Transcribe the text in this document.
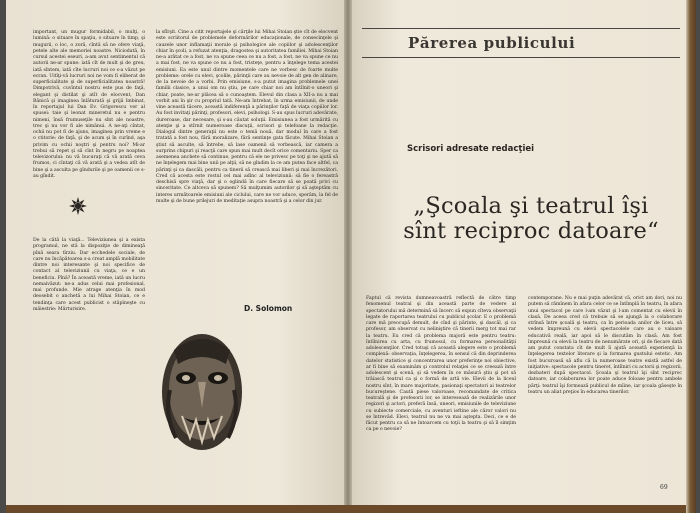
important, un mugur formidabil, o mulţi, o lumină: o situare în spaţiu, o situare în timp, şi mugurii, o loc, o zoră, cîntă să ne ofere viaţă, petele alte ale memoriei noastre. Niciodată, în cursul acestei eseuri, a-am avut sentimentul că autorii ne-ar spune: iată cît de mult şi de greu, iată sîntem, iată cîte lucruri noi ce s-a văzut pe ecran. Uitîţi-vă lucruri noi ne vom fi eliberat de superficialitate şi de superficialitatea noastră! Dimpotrivă, cuvîntul nostru este pus de faţă, elegant şi distilat şi atît de elocvent, Dan Bănică şi imaginea înlăturată şi grijă îmbinat, în reportajul lui Dan Ev. Grigorescu ver al spusei: taie şi leonat mineretul nu e pentru nimeni, însă frumuseţile nu sînt ale noastre, trec şi nu vor fi ale nimănui. A ne-aţi cîntat, ochii nu pot fi de ajuns, imaginea prin vreme e o ctitorie: de faţă, şi de acum şi în curînd, aşa privim cu ochii noştri şi pentru noi? Mi-ar trebui să repet şi să cînt în negru pe noaptea televizorului: nu vă bucuraţi că vă arată ceva frumos, ci cîntaţi că vă arată şi a vedea atît de bine şi a asculta pe gîndurile şi pe oamenii ce s-au gîndit.
De la cătă la viaţă... Televiziunea şi a exista programul, ne stă la dispoziţie de dimineaţă pînă seara tîrziu. Dar ecchedele sociale, de care nu încăpătoarea s-a creat amplă mobilitate dintre noi interesante şi noi specifice de contact al televiziunii cu viaţa, ce e un beneficiu. Pînă? În această vreme, iată un lucru nemaivăzut: ne-a adus celui mai profesional, mai profunde. Mie atrage atenţia în mod deosebit o anchetă a lui Mihai Stoian, ce e tendinţa care acest publicist o stăpîneşte cu măiestrie: Mărturisire.
la sfîrşit. Cine a citit reportajele şi cărţile lui Mihai Stoian ştie cît de elocvent este scriitorul de problemele deformărilor educaţionale, de consecinţele şi cauzele unor inflamaţii morale şi psihologice ale copiilor şi adolescenţilor chiar în şcoli, a refuzat atenţia, dragostea şi autoritatea familiei. Mihai Stoian ne-a arătat ce a fost, ne va spune ceea ce nu a fost, a fost, ne va spune ce nu a mai fost, ne va spune ce nu a fost, tristeţe, pentru a înţelege tema acestei emisiuni. Ea este unul dintre momentele care ne vorbesc de foarte multe probleme: orele cu elevi, şcolile, părinţii care au nevoie de alt gen de alinare, de la nevoie de a vorbi. Prin emisiune, s-a putut imagina problemele unei familii clasice, a unui om nu ştiu, pe care chiar noi am întîlnit-o uneori şi chiar, poate, ne-ar plăcea să o cunoaştem. Elevul din clasa a XII-a nu a mai vorbit ani în şir cu propriul tată. Ne-am întrebat, în urma emisiunii, de unde vine această tăcere, această indiferenţă a părinţilor faţă de viaţa copiilor lor. Au fost invitaţi părinţi, profesori, elevi, psihologi. S-au spus lucruri adevărate, dureroase, dar necesare, şi s-au căutat soluţii. Emisiunea a fost urmărită cu atenţie şi a stîrnit numeroase discuţii, scrisori şi telefoane la redacţie. Dialogul dintre generaţii nu este o temă nouă, dar modul în care a fost tratată a fost nou, fără moralizare, fără sentinţe gata făcute. Mihai Stoian a ştiut să asculte, să întrebe, să lase oamenii să vorbească, iar camera a surprins chipuri şi reacţii care spun mai mult decît orice comentariu. Sper ca asemenea anchete să continue, pentru că ele ne privesc pe toţi şi ne ajută să ne înţelegem mai bine unii pe alţii, să ne gîndim la ce am putea face altfel, ca părinţi şi ca dascăli, pentru ca tinerii să crească mai liberi şi mai încrezători. Cred că acesta este rostul cel mai adînc al televiziunii: să fie o fereastră deschisă spre viaţă, dar şi o oglindă în care fiecare să se poată privi cu sinceritate. Ce altceva să spunem? Să mulţumim autorilor şi să aşteptăm cu interes următoarele emisiuni ale ciclului, care ne vor aduce, sperăm, la fel de multe şi de bune prilejuri de meditaţie asupra noastră şi a celor din jur.
D. Solomon
Părerea publicului
Scrisori adresate redacţiei
„Şcoala şi teatrul îşi
sînt reciproc datoare“
Faptul că revista dumneavoastră reflectă de către timp fenomenul teatral şi din această parte de vedere al spectatorului mă determină să încerc să expun cîteva observaţii legate de raportarea teatrului cu publicul şcolar. E o problemă care mă preocupă demult, de cînd şi părinte, şi dascăl, şi ca profesor, am observat cu neliniştire că tinerii merg tot mai rar la teatru. Eu cred că problema majoră este pentru teatru: întîlnirea cu arta, cu frumosul, cu formarea personalităţii adolescenţilor. Cred totuşi că această alegere este o problemă complexă: observaţia, înţelegerea, în sensul că din deprinderea datelor statistice şi concentrarea unor preferinţe noi obiective, ar fi bine să examinăm şi controlul relaţiei ce se creează între adolescent şi scenă, şi să vedem în ce măsură ştiu şi pot să trăiască teatrul ca şi o formă de artă vie. Elevii de la liceul nostru sînt, în mare majoritate, pasionaţi spectatori ai teatrelor bucureştene. Caută piese valoroase, recomandate de critica teatrală şi de profesorii lor, se interesează de realizările unor regizori şi actori, preferă însă, uneori, emisiunile de televiziune cu subiecte comerciale, cu aventuri ieftine ale căror valori nu se întrevăd. Elevi, teatrul nu ne va mai aştepta. Deci, ce e de făcut pentru ca să ne întoarcem cu toţii la teatru şi să îl simţim ca pe o nevoie?
contemporane. Nu e mai puţin adevărat că, orict am dori, noi nu putem să rămînem în afara celor ce se întîmplă în teatru, în afara unui spectacol pe care l-am văzut şi l-am comentat cu elevii în clasă. De aceea cred că trebuie să se ajungă la o colaborare strînsă între şcoală şi teatru, ca în perioada anilor de liceu, să vedem împreună cu elevii spectacolele care au o valoare educativă reală, iar apoi să le discutăm în clasă. Am fost împreună cu elevii la teatru de nenumărate ori, şi de fiecare dată am putut constata cît de mult îi ajută această experienţă la înţelegerea textelor literare şi la formarea gustului estetic. Am fost bucuroasă să aflu că la numeroase teatre există astfel de iniţiative: spectacole pentru tineret, întîlniri cu actorii şi regizorii, dezbateri după spectacol. Şcoala şi teatrul îşi sînt reciproc datoare, iar colaborarea lor poate aduce foloase pentru ambele părţi: teatrul îşi formează publicul de mîine, iar şcoala găseşte în teatru un aliat preţios în educarea tinerilor.
69
